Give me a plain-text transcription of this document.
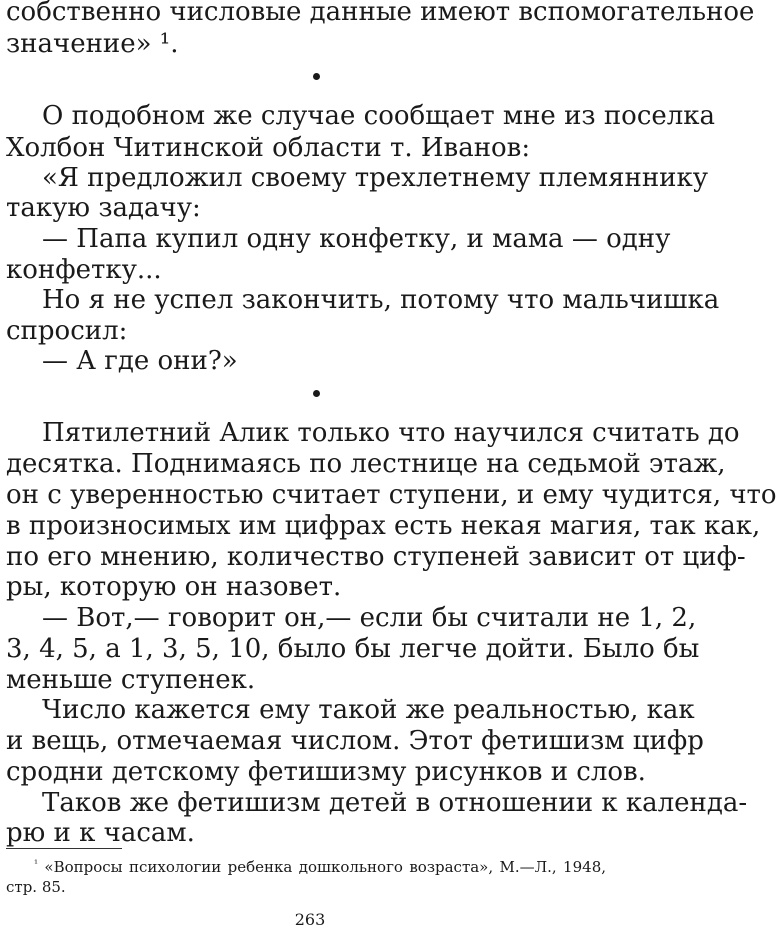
собственно числовые данные имеют вспомогательное
значение» ¹.
О подобном же случае сообщает мне из поселка
Холбон Читинской области т. Иванов:
«Я предложил своему трехлетнему племяннику
такую задачу:
— Папа купил одну конфетку, и мама — одну
конфетку...
Но я не успел закончить, потому что мальчишка
спросил:
— А где они?»
Пятилетний Алик только что научился считать до
десятка. Поднимаясь по лестнице на седьмой этаж,
он с уверенностью считает ступени, и ему чудится, что
в произносимых им цифрах есть некая магия, так как,
по его мнению, количество ступеней зависит от циф-
ры, которую он назовет.
— Вот,— говорит он,— если бы считали не 1, 2,
3, 4, 5, а 1, 3, 5, 10, было бы легче дойти. Было бы
меньше ступенек.
Число кажется ему такой же реальностью, как
и вещь, отмечаемая числом. Этот фетишизм цифр
сродни детскому фетишизму рисунков и слов.
Таков же фетишизм детей в отношении к календа-
рю и к часам.
$^{^1}$ «Вопросы психологии ребенка дошкольного возраста», М.—Л., 1948,
стр. 85.
263
